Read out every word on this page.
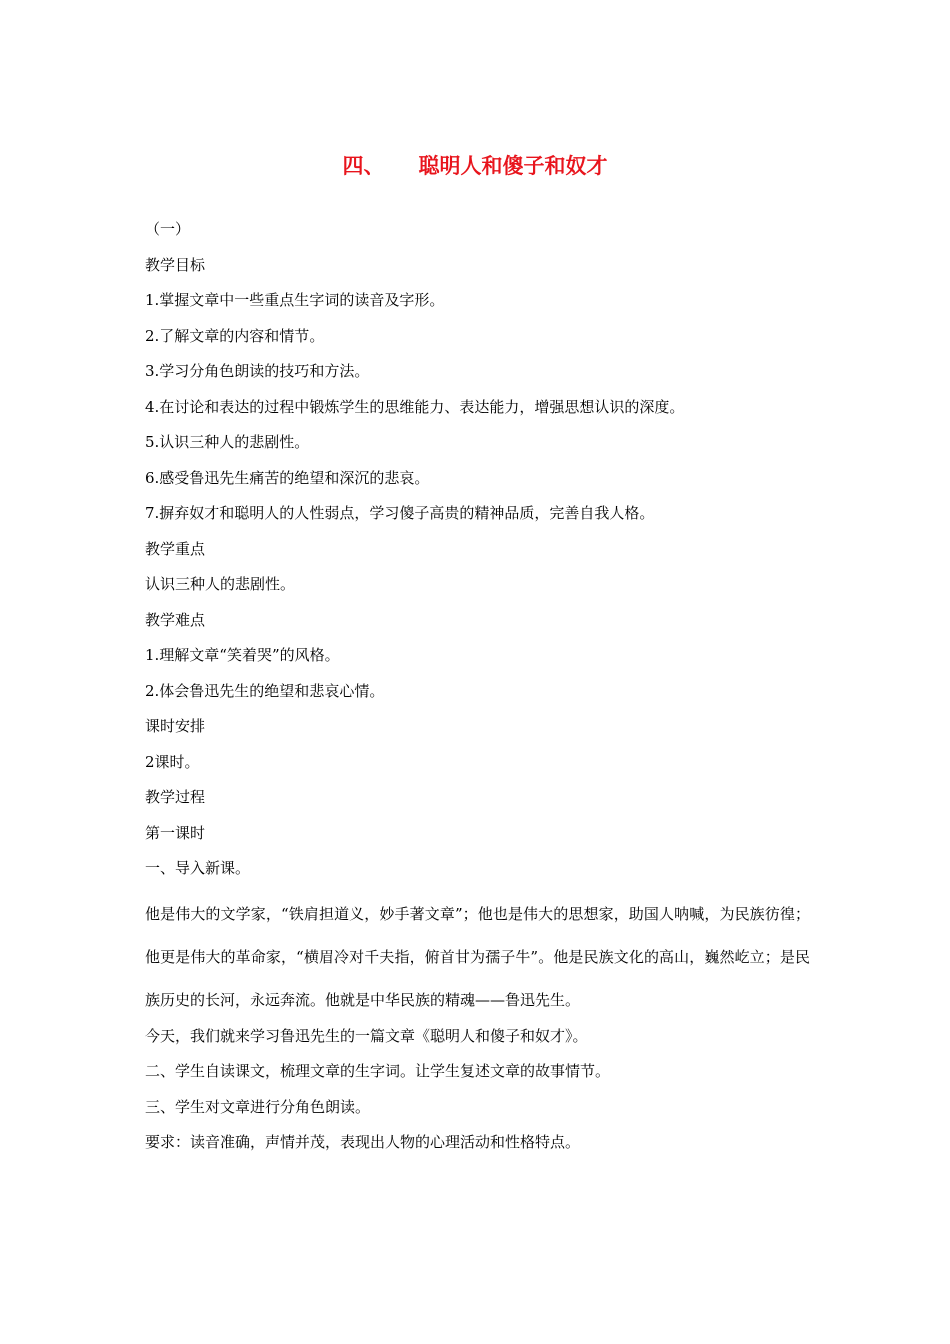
四、 聪明人和傻子和奴才
（一）
教学目标
1.掌握文章中一些重点生字词的读音及字形。
2.了解文章的内容和情节。
3.学习分角色朗读的技巧和方法。
4.在讨论和表达的过程中锻炼学生的思维能力、表达能力，增强思想认识的深度。
5.认识三种人的悲剧性。
6.感受鲁迅先生痛苦的绝望和深沉的悲哀。
7.摒弃奴才和聪明人的人性弱点，学习傻子高贵的精神品质，完善自我人格。
教学重点
认识三种人的悲剧性。
教学难点
1.理解文章“笑着哭”的风格。
2.体会鲁迅先生的绝望和悲哀心情。
课时安排
2课时。
教学过程
第一课时
一、导入新课。
他是伟大的文学家，“铁肩担道义，妙手著文章”；他也是伟大的思想家，助国人呐喊，为民族彷徨；他更是伟大的革命家，“横眉冷对千夫指，俯首甘为孺子牛”。他是民族文化的高山，巍然屹立；是民族历史的长河，永远奔流。他就是中华民族的精魂——鲁迅先生。
今天，我们就来学习鲁迅先生的一篇文章《聪明人和傻子和奴才》。
二、学生自读课文，梳理文章的生字词。让学生复述文章的故事情节。
三、学生对文章进行分角色朗读。
要求：读音准确，声情并茂，表现出人物的心理活动和性格特点。
